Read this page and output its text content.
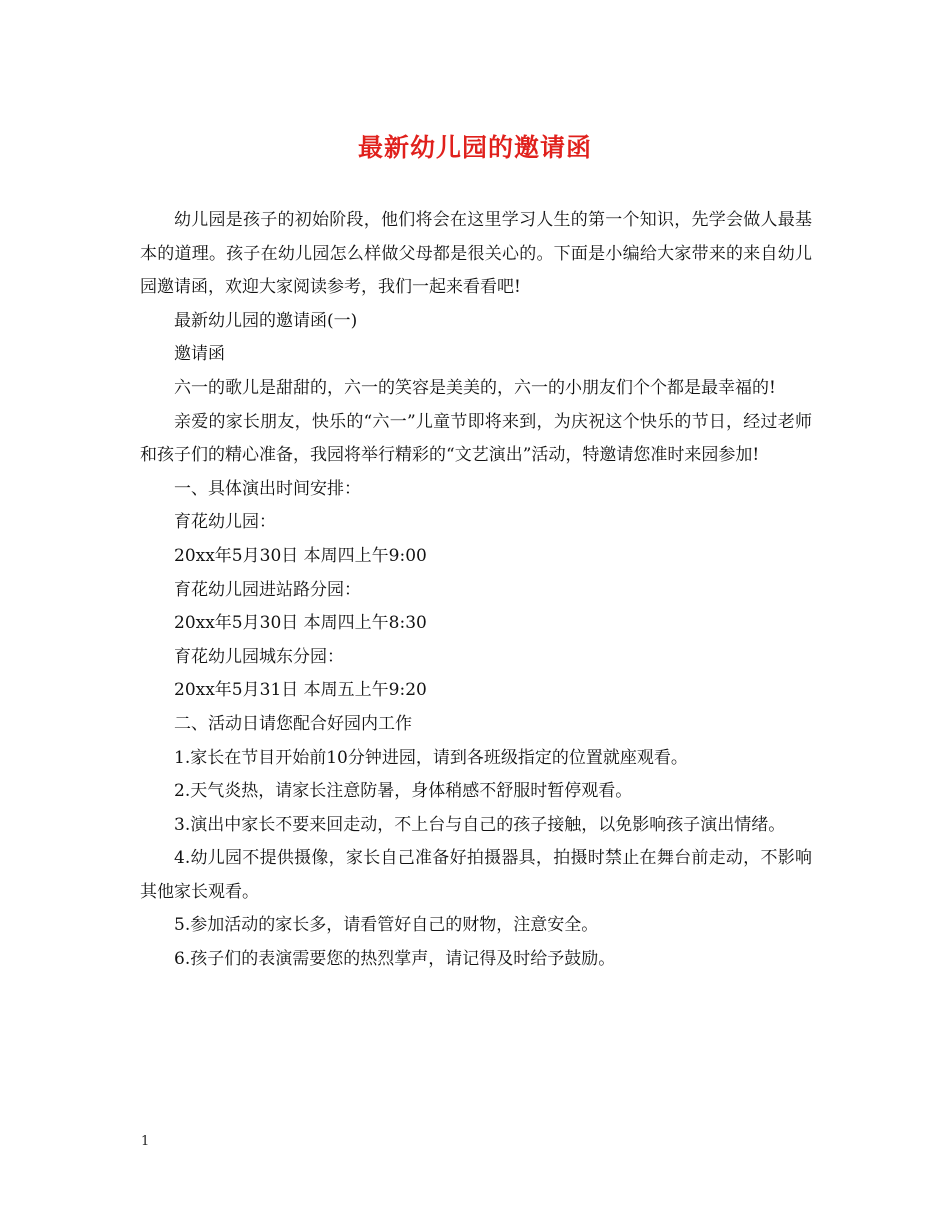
最新幼儿园的邀请函

幼儿园是孩子的初始阶段，他们将会在这里学习人生的第一个知识，先学会做人最基本的道理。孩子在幼儿园怎么样做父母都是很关心的。下面是小编给大家带来的来自幼儿园邀请函，欢迎大家阅读参考，我们一起来看看吧!

最新幼儿园的邀请函(一)

邀请函

六一的歌儿是甜甜的，六一的笑容是美美的，六一的小朋友们个个都是最幸福的!

亲爱的家长朋友，快乐的“六一”儿童节即将来到，为庆祝这个快乐的节日，经过老师和孩子们的精心准备，我园将举行精彩的“文艺演出”活动，特邀请您准时来园参加!

一、具体演出时间安排：

育花幼儿园：

20xx年5月30日 本周四上午9:00

育花幼儿园进站路分园：

20xx年5月30日 本周四上午8:30

育花幼儿园城东分园：

20xx年5月31日 本周五上午9:20

二、活动日请您配合好园内工作

1.家长在节目开始前10分钟进园，请到各班级指定的位置就座观看。

2.天气炎热，请家长注意防暑，身体稍感不舒服时暂停观看。

3.演出中家长不要来回走动，不上台与自己的孩子接触，以免影响孩子演出情绪。

4.幼儿园不提供摄像，家长自己准备好拍摄器具，拍摄时禁止在舞台前走动，不影响其他家长观看。

5.参加活动的家长多，请看管好自己的财物，注意安全。

6.孩子们的表演需要您的热烈掌声，请记得及时给予鼓励。

1
